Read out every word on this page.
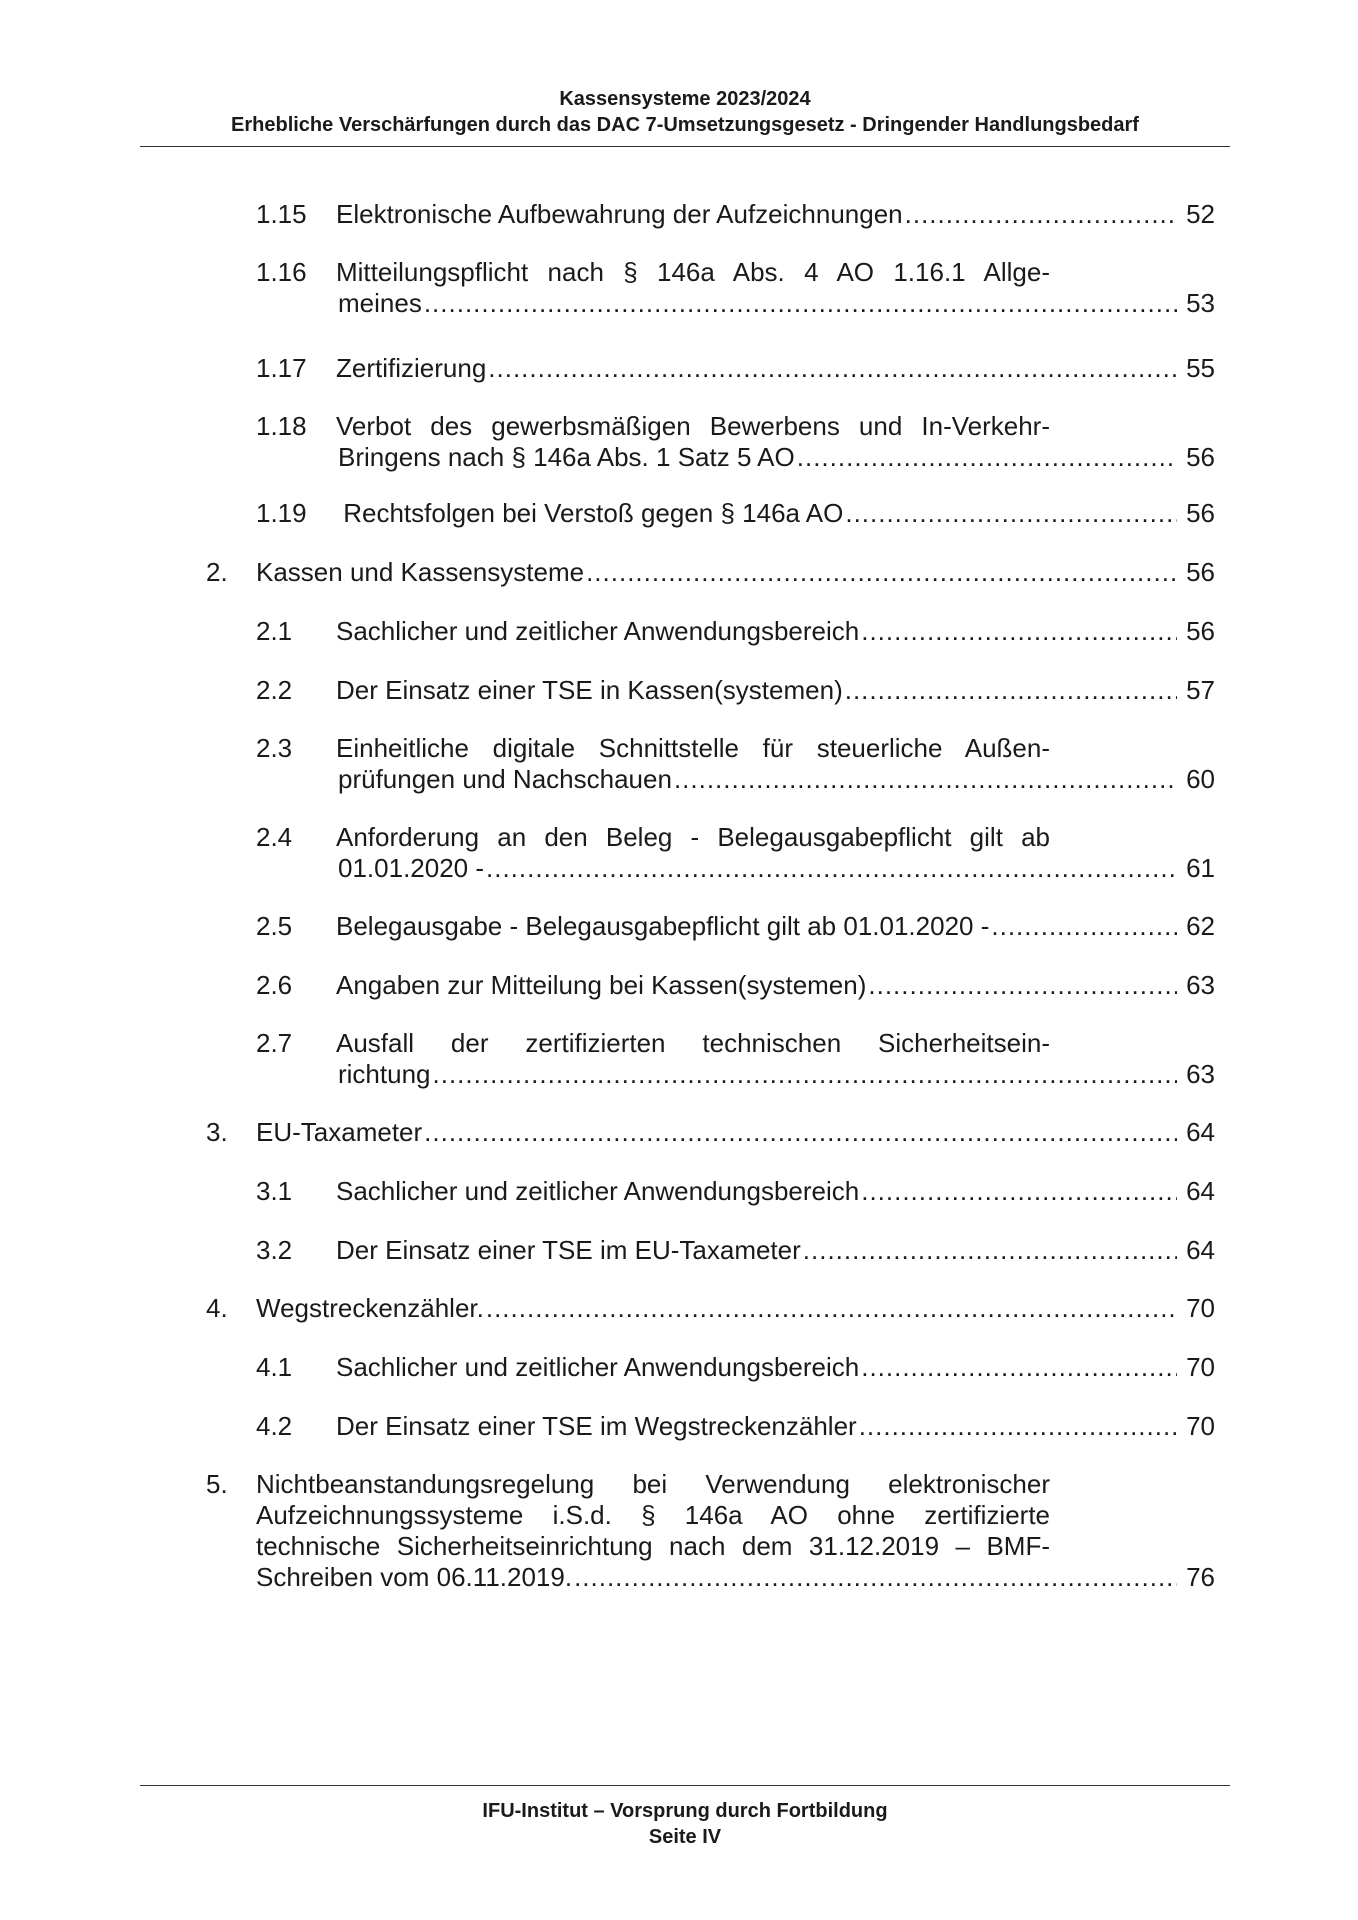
Kassensysteme 2023/2024
Erhebliche Verschärfungen durch das DAC 7-Umsetzungsgesetz - Dringender Handlungsbedarf
1.15 Elektronische Aufbewahrung der Aufzeichnungen .....	52
1.16 Mitteilungspflicht nach § 146a Abs. 4 AO 1.16.1 Allge-
meines .....	53
1.17 Zertifizierung .....	55
1.18 Verbot des gewerbsmäßigen Bewerbens und In-Verkehr-
Bringens nach § 146a Abs. 1 Satz 5 AO .....	56
1.19 Rechtsfolgen bei Verstoß gegen § 146a AO .....	56
2. Kassen und Kassensysteme .....	56
2.1 Sachlicher und zeitlicher Anwendungsbereich .....	56
2.2 Der Einsatz einer TSE in Kassen(systemen) .....	57
2.3 Einheitliche digitale Schnittstelle für steuerliche Außen-
prüfungen und Nachschauen .....	60
2.4 Anforderung an den Beleg - Belegausgabepflicht gilt ab
01.01.2020 - .....	61
2.5 Belegausgabe - Belegausgabepflicht gilt ab 01.01.2020 - .....	62
2.6 Angaben zur Mitteilung bei Kassen(systemen) .....	63
2.7 Ausfall der zertifizierten technischen Sicherheitsein-
richtung .....	63
3. EU-Taxameter .....	64
3.1 Sachlicher und zeitlicher Anwendungsbereich .....	64
3.2 Der Einsatz einer TSE im EU-Taxameter .....	64
4. Wegstreckenzähler. .....	70
4.1 Sachlicher und zeitlicher Anwendungsbereich .....	70
4.2 Der Einsatz einer TSE im Wegstreckenzähler .....	70
5. Nichtbeanstandungsregelung bei Verwendung elektronischer
Aufzeichnungssysteme i.S.d. § 146a AO ohne zertifizierte
technische Sicherheitseinrichtung nach dem 31.12.2019 – BMF-
Schreiben vom 06.11.2019. .....	76
IFU-Institut – Vorsprung durch Fortbildung
Seite IV
